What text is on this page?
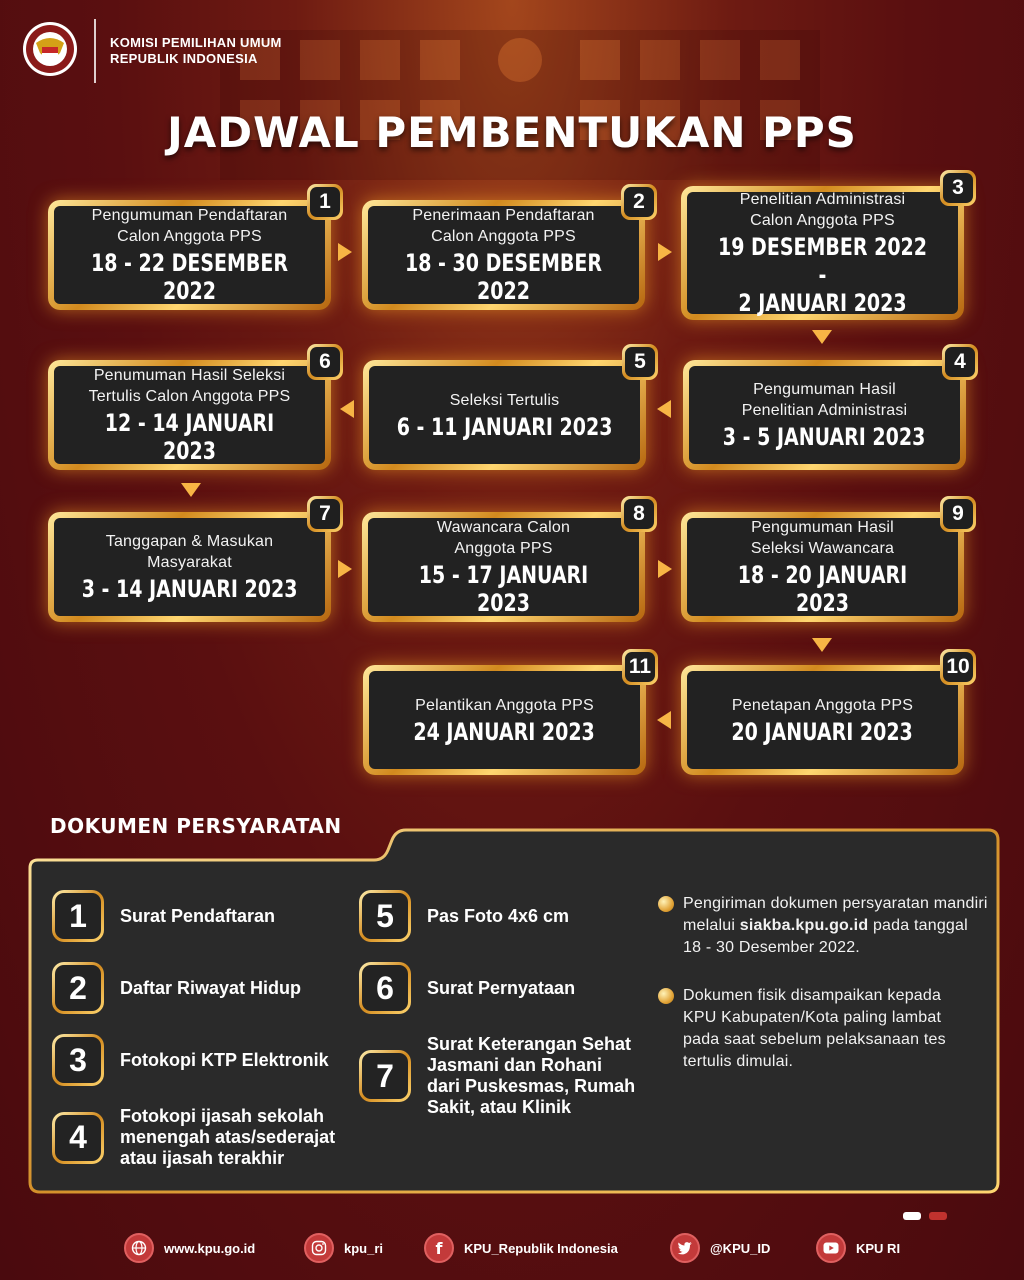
KOMISI PEMILIHAN UMUM
REPUBLIK INDONESIA
JADWAL PEMBENTUKAN PPS
Pengumuman Pendaftaran
Calon Anggota PPS
18 - 22 DESEMBER 2022
1
Penerimaan Pendaftaran
Calon Anggota PPS
18 - 30 DESEMBER 2022
2	Penelitian Administrasi
Calon Anggota PPS
19 DESEMBER 2022 -
2 JANUARI 2023
3
Pengumuman Hasil
Penelitian Administrasi
3 - 5 JANUARI 2023
4
Seleksi Tertulis
6 - 11 JANUARI 2023
5
Penumuman Hasil Seleksi
Tertulis Calon Anggota PPS
12 - 14 JANUARI 2023
6
Tanggapan & Masukan
Masyarakat
3 - 14 JANUARI 2023
7
Wawancara Calon
Anggota PPS
15 - 17 JANUARI 2023
8
Pengumuman Hasil
Seleksi Wawancara
18 - 20 JANUARI 2023
9
Penetapan Anggota PPS
20 JANUARI 2023
10
Pelantikan Anggota PPS
24 JANUARI 2023
11
DOKUMEN PERSYARATAN
1	Surat Pendaftaran
2	Daftar Riwayat Hidup
3	Fotokopi KTP Elektronik
4
Fotokopi ijasah sekolah
menengah atas/sederajat
atau ijasah terakhir
5	Pas Foto 4x6 cm
6	Surat Pernyataan
7
Surat Keterangan Sehat
Jasmani dan Rohani
dari Puskesmas, Rumah
Sakit, atau Klinik
Pengiriman dokumen persyaratan mandiri melalui siakba.kpu.go.id pada tanggal 18 - 30 Desember 2022.
Dokumen fisik disampaikan kepada KPU Kabupaten/Kota paling lambat pada saat sebelum pelaksanaan tes tertulis dimulai.
www.kpu.go.id	kpu_ri	f KPU_Republik Indonesia	@KPU_ID	KPU RI
